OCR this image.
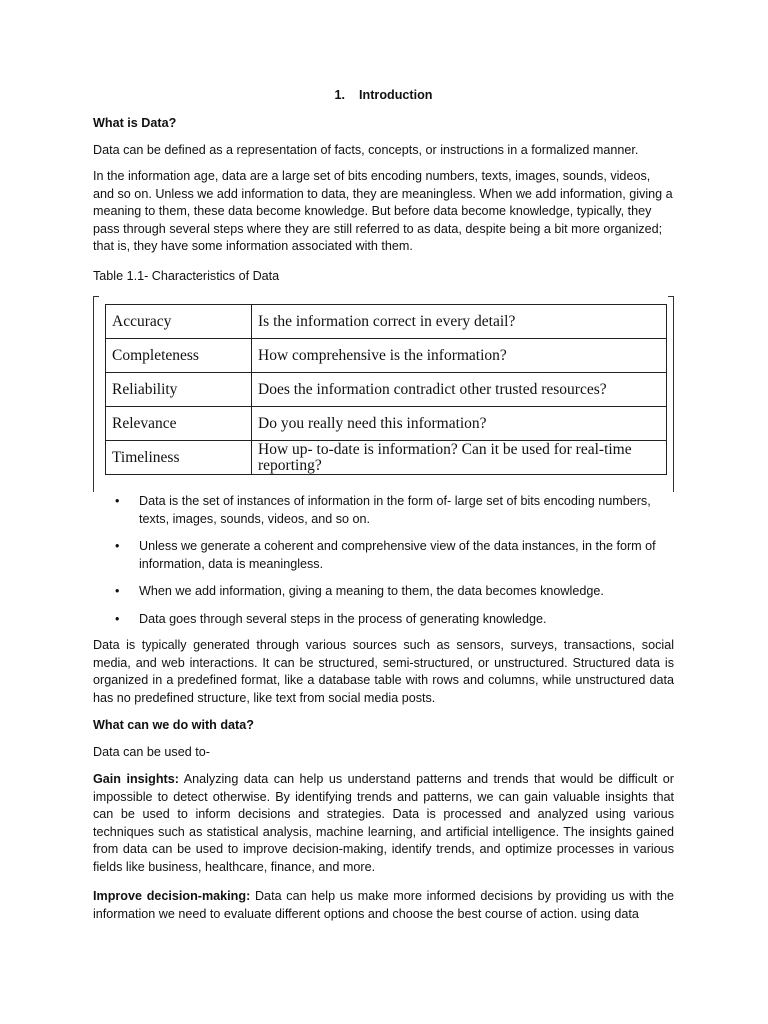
1. Introduction
What is Data?

Data can be defined as a representation of facts, concepts, or instructions in a formalized manner.

In the information age, data are a large set of bits encoding numbers, texts, images, sounds, videos, and so on. Unless we add information to data, they are meaningless. When we add information, giving a meaning to them, these data become knowledge. But before data become knowledge, typically, they pass through several steps where they are still referred to as data, despite being a bit more organized; that is, they have some information associated with them.

Table 1.1- Characteristics of Data
Accuracy	Is the information correct in every detail?
Completeness	How comprehensive is the information?
Reliability	Does the information contradict other trusted resources?
Relevance	Do you really need this information?
Timeliness	How up- to-date is information? Can it be used for real-time reporting?
• Data is the set of instances of information in the form of- large set of bits encoding numbers, texts, images, sounds, videos, and so on.
• Unless we generate a coherent and comprehensive view of the data instances, in the form of information, data is meaningless.
• When we add information, giving a meaning to them, the data becomes knowledge.
• Data goes through several steps in the process of generating knowledge.

Data is typically generated through various sources such as sensors, surveys, transactions, social media, and web interactions. It can be structured, semi-structured, or unstructured. Structured data is organized in a predefined format, like a database table with rows and columns, while unstructured data has no predefined structure, like text from social media posts.

What can we do with data?

Data can be used to-

Gain insights: Analyzing data can help us understand patterns and trends that would be difficult or impossible to detect otherwise. By identifying trends and patterns, we can gain valuable insights that can be used to inform decisions and strategies. Data is processed and analyzed using various techniques such as statistical analysis, machine learning, and artificial intelligence. The insights gained from data can be used to improve decision-making, identify trends, and optimize processes in various fields like business, healthcare, finance, and more.

Improve decision-making: Data can help us make more informed decisions by providing us with the information we need to evaluate different options and choose the best course of action. using data
